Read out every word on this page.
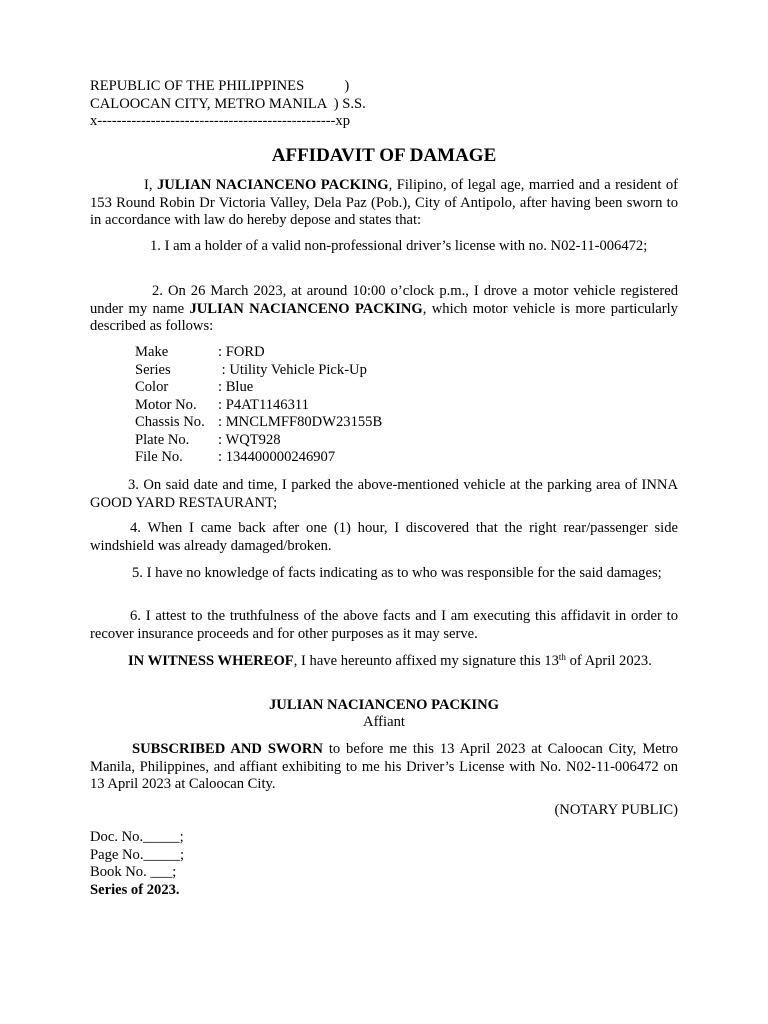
REPUBLIC OF THE PHILIPPINES           )
CALOOCAN CITY, METRO MANILA  ) S.S.
x-------------------------------------------------xp
AFFIDAVIT OF DAMAGE

I, JULIAN NACIANCENO PACKING, Filipino, of legal age, married and a resident of 153 Round Robin Dr Victoria Valley, Dela Paz (Pob.), City of Antipolo, after having been sworn to in accordance with law do hereby depose and states that:

1. I am a holder of a valid non-professional driver’s license with no. N02-11-006472;

2. On 26 March 2023, at around 10:00 o’clock p.m., I drove a motor vehicle registered under my name JULIAN NACIANCENO PACKING, which motor vehicle is more particularly described as follows:

Make	: FORD
Series	: Utility Vehicle Pick-Up
Color	: Blue
Motor No.	: P4AT1146311
Chassis No. : MNCLMFF80DW23155B
Plate No.	: WQT928
File No.	: 134400000246907

3. On said date and time, I parked the above-mentioned vehicle at the parking area of INNA GOOD YARD RESTAURANT;

4. When I came back after one (1) hour, I discovered that the right rear/passenger side windshield was already damaged/broken.

5. I have no knowledge of facts indicating as to who was responsible for the said damages;

6. I attest to the truthfulness of the above facts and I am executing this affidavit in order to recover insurance proceeds and for other purposes as it may serve.

IN WITNESS WHEREOF, I have hereunto affixed my signature this 13th of April 2023.

JULIAN NACIANCENO PACKING
Affiant

SUBSCRIBED AND SWORN to before me this 13 April 2023 at Caloocan City, Metro Manila, Philippines, and affiant exhibiting to me his Driver’s License with No. N02-11-006472 on 13 April 2023 at Caloocan City.

(NOTARY PUBLIC)
Doc. No._____;
Page No._____;
Book No. ___;
Series of 2023.
